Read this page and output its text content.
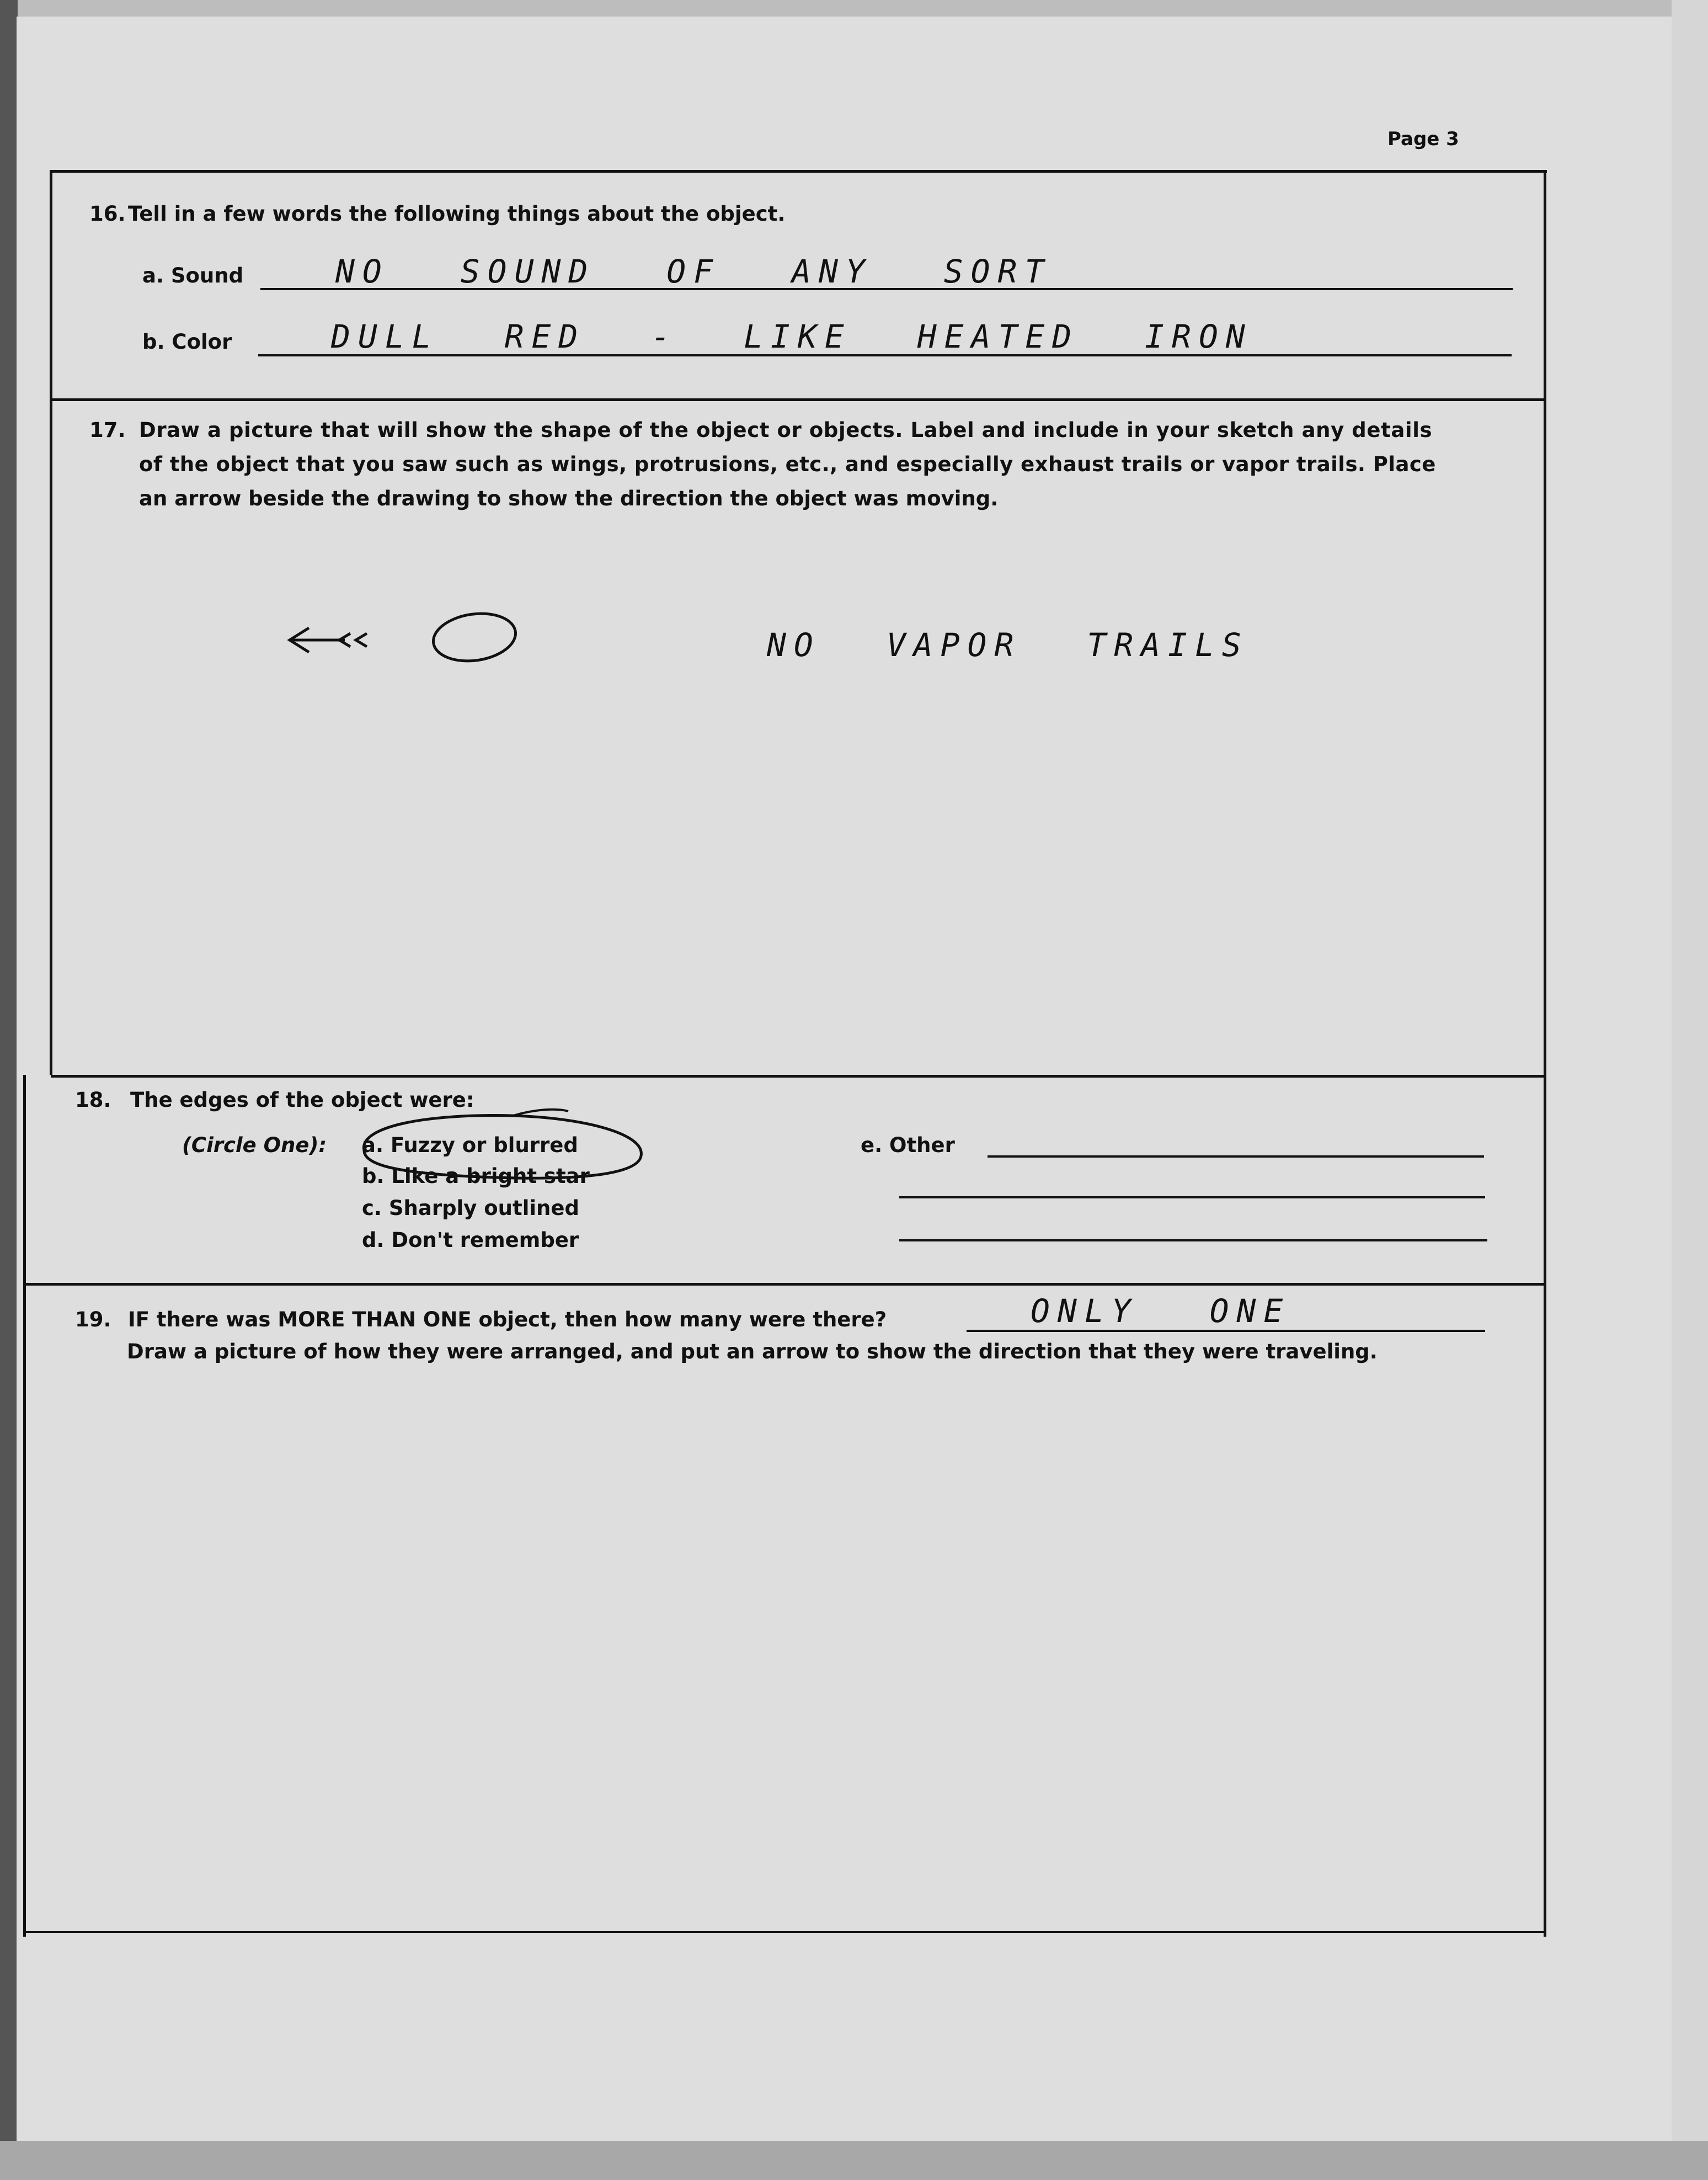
Page 3
16. Tell in a few words the following things about the object.
a. Sound	NO SOUND OF ANY SORT
b. Color	DULL RED - LIKE HEATED IRON
17. Draw a picture that will show the shape of the object or objects. Label and include in your sketch any details
of the object that you saw such as wings, protrusions, etc., and especially exhaust trails or vapor trails. Place
an arrow beside the drawing to show the direction the object was moving.
NO VAPOR TRAILS
18. The edges of the object were:
(Circle One): a. Fuzzy or blurred
b. Like a bright star
c. Sharply outlined
d. Don't remember
e. Other
19. IF there was MORE THAN ONE object, then how many were there?	ONLY ONE
Draw a picture of how they were arranged, and put an arrow to show the direction that they were traveling.
